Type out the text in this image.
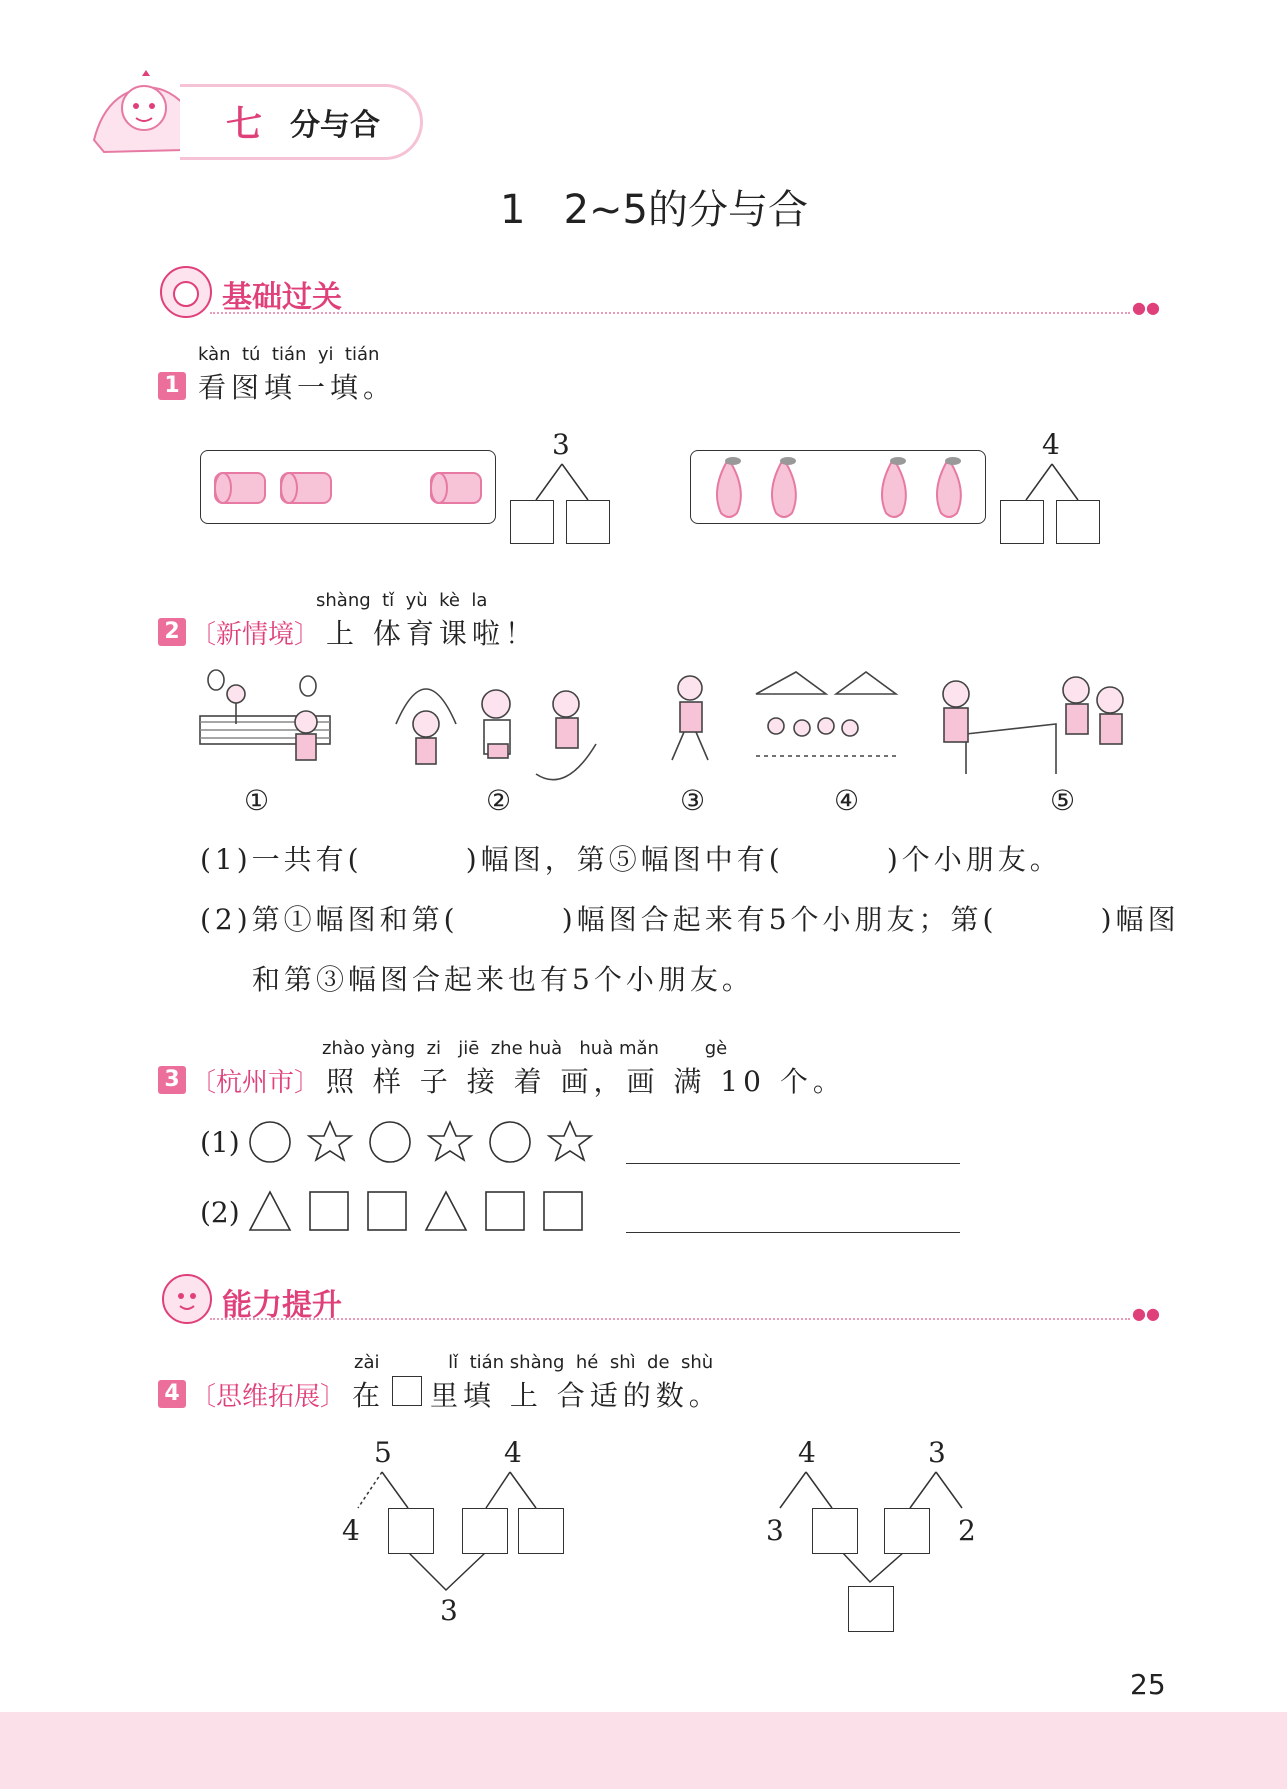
七 分与合
1   2~5的分与合
基础过关	●●
kàn  tú  tián  yi  tián
1 看图填一填。
3	4
shàng  tǐ  yù  kè  la
2 〔新情境〕 上 体育课啦！
①	②	③	④	⑤
(1)一共有(        )幅图，第⑤幅图中有(        )个小朋友。
(2)第①幅图和第(        )幅图合起来有5个小朋友；第(        )幅图
和第③幅图合起来也有5个小朋友。
zhào yàng  zi   jiē  zhe huà   huà mǎn        gè
3 〔杭州市〕 照 样 子 接 着 画，画 满 10 个。
(1)
(2)
能力提升	●●
zài            lǐ  tián shàng  hé  shì  de  shù
4 〔思维拓展〕 在 里填 上 合适的数。
5	4
4
3
4	3
3	2
25
